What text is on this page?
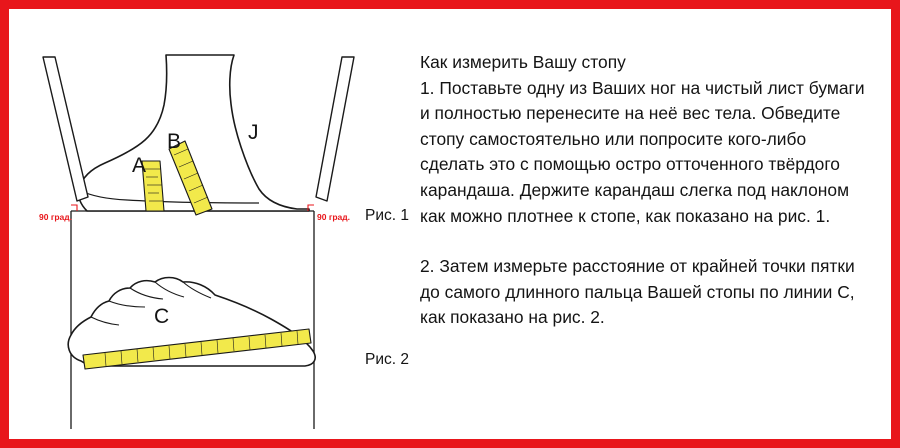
A
B	J
C
90 град.	90 град. Рис. 1
Рис. 2

Как измерить Вашу стопу

1. Поставьте одну из Ваших ног на чистый лист бумаги и полностью перенесите на неё вес тела. Обведите стопу самостоятельно или попросите кого-либо сделать это с помощью остро отточенного твёрдого карандаша. Держите карандаш слегка под наклоном как можно плотнее к стопе, как показано на рис. 1.

2. Затем измерьте расстояние от крайней точки пятки до самого длинного пальца Вашей стопы по линии С, как показано на рис. 2.
